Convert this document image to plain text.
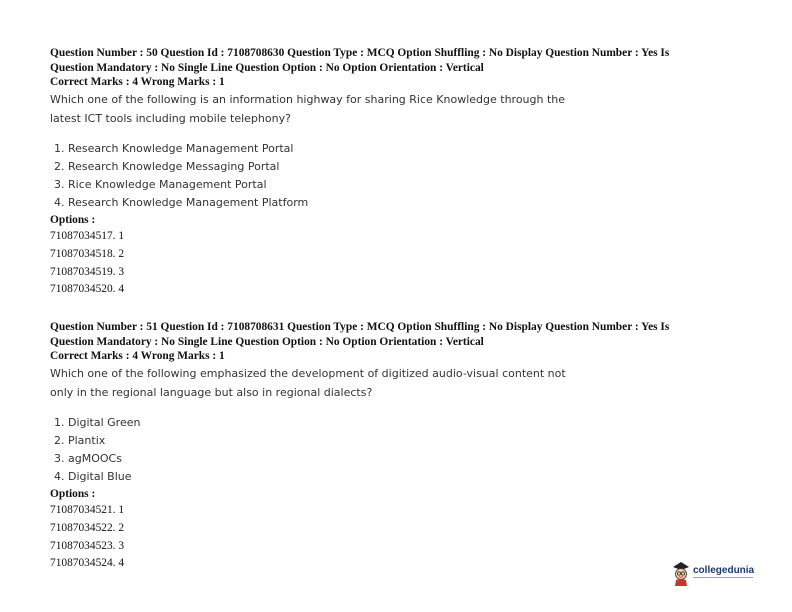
Question Number : 50 Question Id : 7108708630 Question Type : MCQ Option Shuffling : No Display Question Number : Yes Is

Question Mandatory : No Single Line Question Option : No Option Orientation : Vertical

Correct Marks : 4 Wrong Marks : 1

Which one of the following is an information highway for sharing Rice Knowledge through the latest ICT tools including mobile telephony?

1. Research Knowledge Management Portal
2. Research Knowledge Messaging Portal
3. Rice Knowledge Management Portal
4. Research Knowledge Management Platform

Options :

71087034517. 1
71087034518. 2
71087034519. 3
71087034520. 4

Question Number : 51 Question Id : 7108708631 Question Type : MCQ Option Shuffling : No Display Question Number : Yes Is

Question Mandatory : No Single Line Question Option : No Option Orientation : Vertical

Correct Marks : 4 Wrong Marks : 1

Which one of the following emphasized the development of digitized audio-visual content not only in the regional language but also in regional dialects?

1. Digital Green
2. Plantix
3. agMOOCs
4. Digital Blue

Options :

71087034521. 1
71087034522. 2
71087034523. 3
71087034524. 4
collegedunia
